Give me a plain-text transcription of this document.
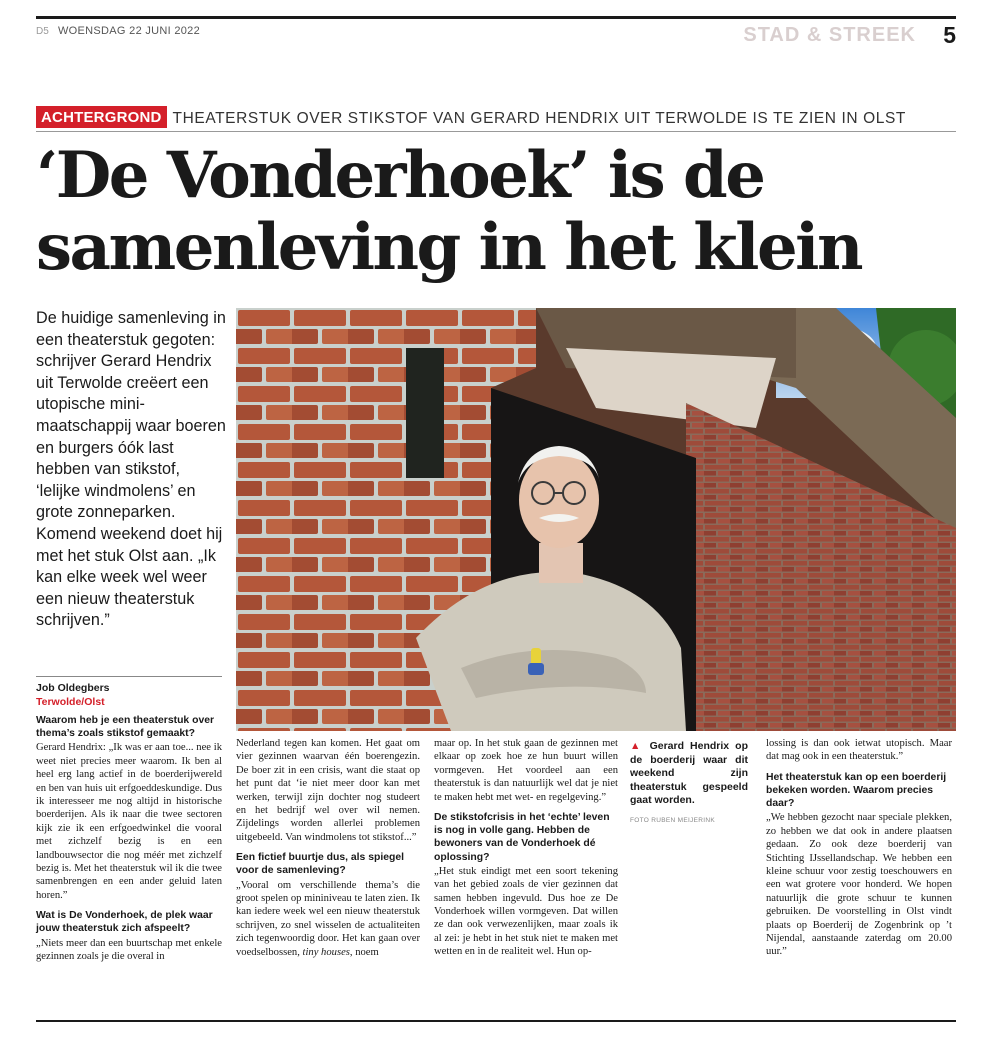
D5 WOENSDAG 22 JUNI 2022	STAD & STREEK 5
ACHTERGROND THEATERSTUK OVER STIKSTOF VAN GERARD HENDRIX UIT TERWOLDE IS TE ZIEN IN OLST
‘De Vonderhoek’ is de
samenleving in het klein

De huidige samenleving in een theaterstuk gegoten: schrijver Gerard Hendrix uit Terwolde creëert een utopische mini-maatschappij waar boeren en burgers óók last hebben van stikstof, ‘lelijke windmolens’ en grote zonneparken. Komend weekend doet hij met het stuk Olst aan. „Ik kan elke week wel weer een nieuw theaterstuk schrijven.”

Job Oldegbers
Terwolde/Olst

Waarom heb je een theaterstuk over thema’s zoals stikstof gemaakt?

Gerard Hendrix: „Ik was er aan toe... nee ik weet niet precies meer waarom. Ik ben al heel erg lang actief in de boerderijwereld en ben van huis uit erfgoeddeskundige. Dus ik interesseer me nog altijd in historische boerderijen. Als ik naar die twee sectoren kijk zie ik een erfgoedwinkel die vooral met zichzelf bezig is en een landbouwsector die nog méér met zichzelf bezig is. Met het theaterstuk wil ik die twee samenbrengen en een ander geluid laten horen.”

Wat is De Vonderhoek, de plek waar jouw theaterstuk zich afspeelt?

„Niets meer dan een buurtschap met enkele gezinnen zoals je die overal in

Nederland tegen kan komen. Het gaat om vier gezinnen waarvan één boerengezin. De boer zit in een crisis, want die staat op het punt dat ‘ie niet meer door kan met werken, terwijl zijn dochter nog studeert en het bedrijf wel over wil nemen. Zijdelings worden allerlei problemen uitgebeeld. Van windmolens tot stikstof...”

Een fictief buurtje dus, als spiegel voor de samenleving?

„Vooral om verschillende thema’s die groot spelen op mininiveau te laten zien. Ik kan iedere week wel een nieuw theaterstuk schrijven, zo snel wisselen de actualiteiten zich tegenwoordig door. Het kan gaan over voedselbossen, tiny houses, noem

maar op. In het stuk gaan de gezinnen met elkaar op zoek hoe ze hun buurt willen vormgeven. Het voordeel aan een theaterstuk is dan natuurlijk wel dat je niet te maken hebt met wet- en regelgeving.”

De stikstofcrisis in het ‘echte’ leven is nog in volle gang. Hebben de bewoners van de Vonderhoek dé oplossing?

„Het stuk eindigt met een soort tekening van het gebied zoals de vier gezinnen dat samen hebben ingevuld. Dus hoe ze De Vonderhoek willen vormgeven. Dat willen ze dan ook verwezenlijken, maar zoals ik al zei: je hebt in het stuk niet te maken met wetten en in de realiteit wel. Hun op-

▲ Gerard Hendrix op de boerderij waar dit weekend zijn theaterstuk gespeeld gaat worden.

FOTO RUBEN MEIJERINK

lossing is dan ook ietwat utopisch. Maar dat mag ook in een theaterstuk.”

Het theaterstuk kan op een boerderij bekeken worden. Waarom precies daar?

„We hebben gezocht naar speciale plekken, zo hebben we dat ook in andere plaatsen gedaan. Zo ook deze boerderij van Stichting IJssellandschap. We hebben een kleine schuur voor zestig toeschouwers en een wat grotere voor honderd. We hopen natuurlijk die grote schuur te kunnen gebruiken. De voorstelling in Olst vindt plaats op Boerderij de Zogenbrink op ’t Nijendal, aanstaande zaterdag om 20.00 uur.”
